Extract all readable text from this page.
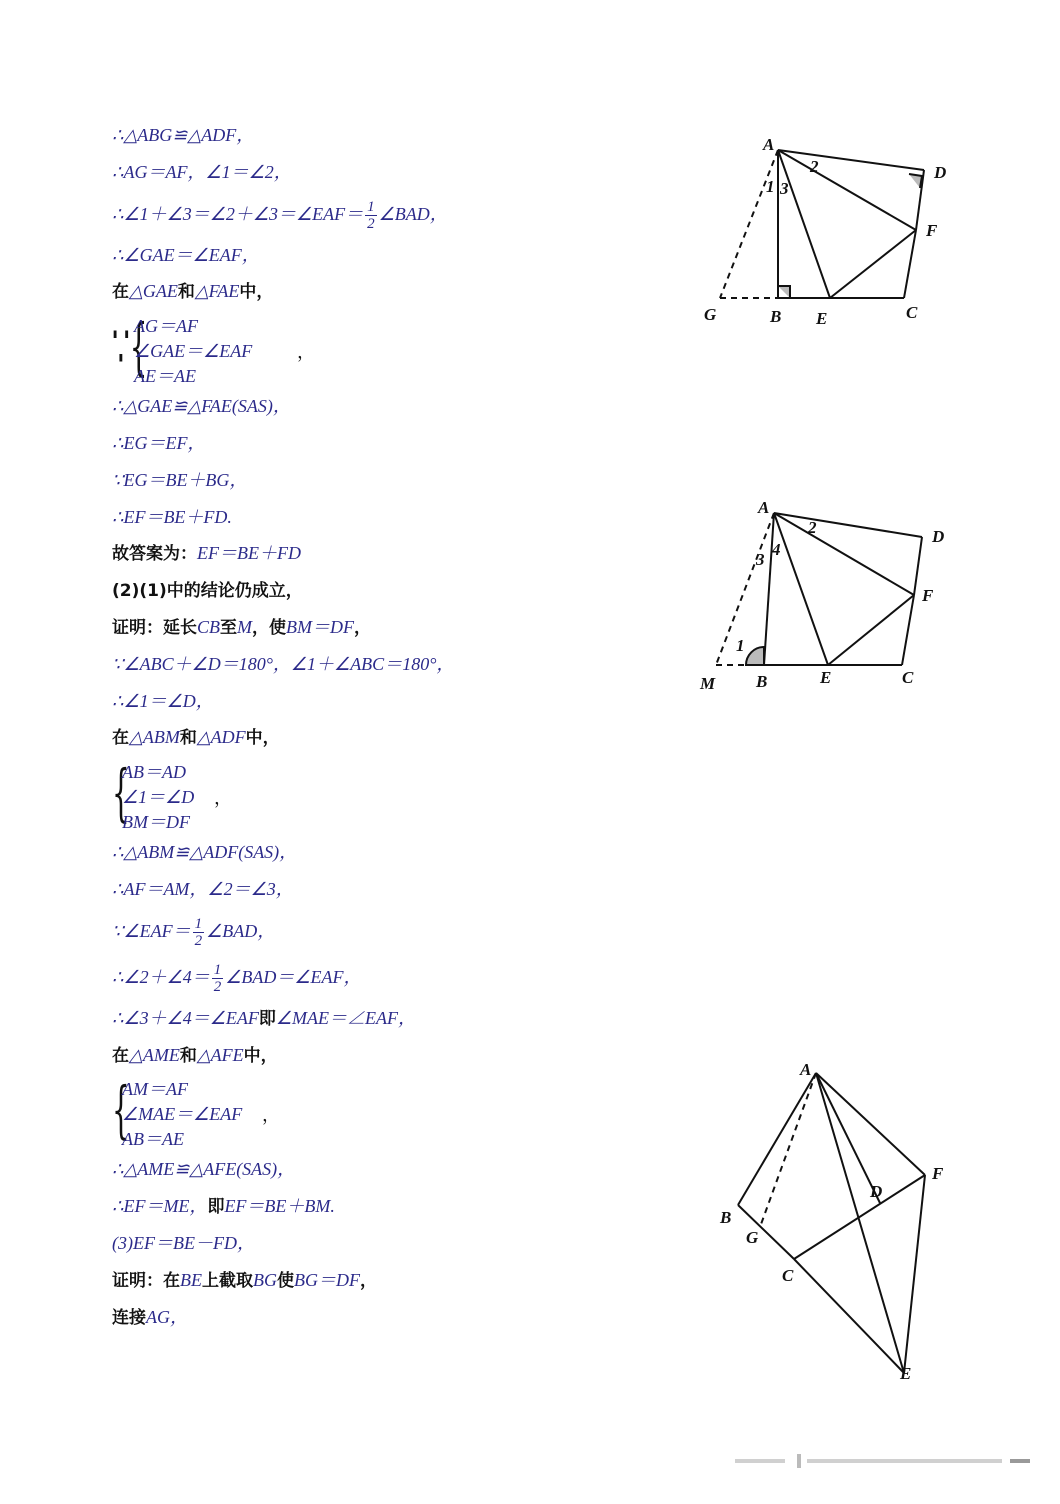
∴△ABG≌△ADF，
∴AG＝AF，∠1＝∠2，
∴∠1＋∠3＝∠2＋∠3＝∠EAF＝ $\frac{1}{2}$ ∠BAD，
∴∠GAE＝∠EAF，
在△GAE和△FAE中，
∵{
AG＝AF
∠GAE＝∠EAF
AE＝AE
，
∴△GAE≌△FAE(SAS)，
∴EG＝EF，
∵EG＝BE＋BG，
∴EF＝BE＋FD.
故答案为：EF＝BE＋FD
(2)(1)中的结论仍成立，
证明：延长CB至M，使BM＝DF，
∵∠ABC＋∠D＝180°，∠1＋∠ABC＝180°，
∴∠1＝∠D，
在△ABM和△ADF中，
{
AB＝AD
∠1＝∠D
BM＝DF
，
∴△ABM≌△ADF(SAS)，
∴AF＝AM，∠2＝∠3，
∵∠EAF＝ $\frac{1}{2}$ ∠BAD，
∴∠2＋∠4＝ $\frac{1}{2}$ ∠BAD＝∠EAF，
∴∠3＋∠4＝∠EAF即∠MAE＝∠EAF，
在△AME和△AFE中，
{
AM＝AF
∠MAE＝∠EAF
AB＝AE
，
∴△AME≌△AFE(SAS)，
∴EF＝ME，即EF＝BE＋BM.
(3)EF＝BE－FD，
证明：在BE上截取BG使BG＝DF，
连接AG，
A
D
1 3
2
F
G	B E	C
A
D
2
4
3
F
1
M B	E	C
A
F
D
B
G
C
E
